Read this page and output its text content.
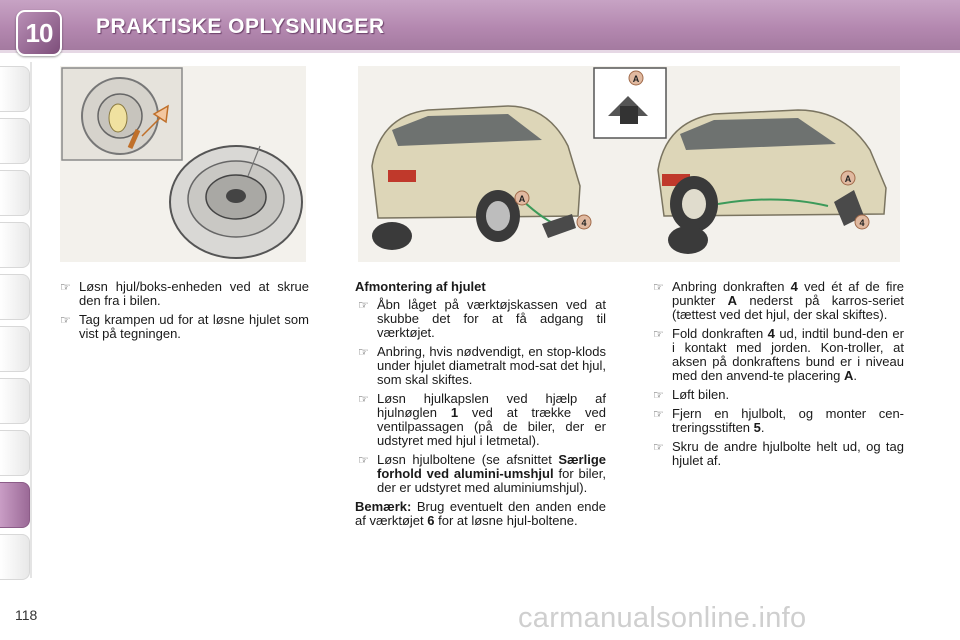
10	PRAKTISKE OPLYSNINGER
A
A
4
A
4
☞ Løsn hjul/boks-enheden ved at skrue den fra i bilen.
☞ Tag krampen ud for at løsne hjulet som vist på tegningen.
Afmontering af hjulet
☞ Åbn låget på værktøjskassen ved at skubbe det for at få adgang til værktøjet.
☞ Anbring, hvis nødvendigt, en stop-klods under hjulet diametralt mod-sat det hjul, som skal skiftes.
☞ Løsn hjulkapslen ved hjælp af hjulnøglen 1 ved at trække ved ventilpassagen (på de biler, der er udstyret med hjul i letmetal).
☞ Løsn hjulboltene (se afsnittet Særlige forhold ved alumini-umshjul for biler, der er udstyret med aluminiumshjul).
Bemærk: Brug eventuelt den anden ende af værktøjet 6 for at løsne hjul-boltene.
☞ Anbring donkraften 4 ved ét af de fire punkter A nederst på karros-seriet (tættest ved det hjul, der skal skiftes).
☞ Fold donkraften 4 ud, indtil bund-den er i kontakt med jorden. Kon-troller, at aksen på donkraftens bund er i niveau med den anvend-te placering A.
☞ Løft bilen.
☞ Fjern en hjulbolt, og monter cen-treringsstiften 5.
☞ Skru de andre hjulbolte helt ud, og tag hjulet af.
118	carmanualsonline.info
